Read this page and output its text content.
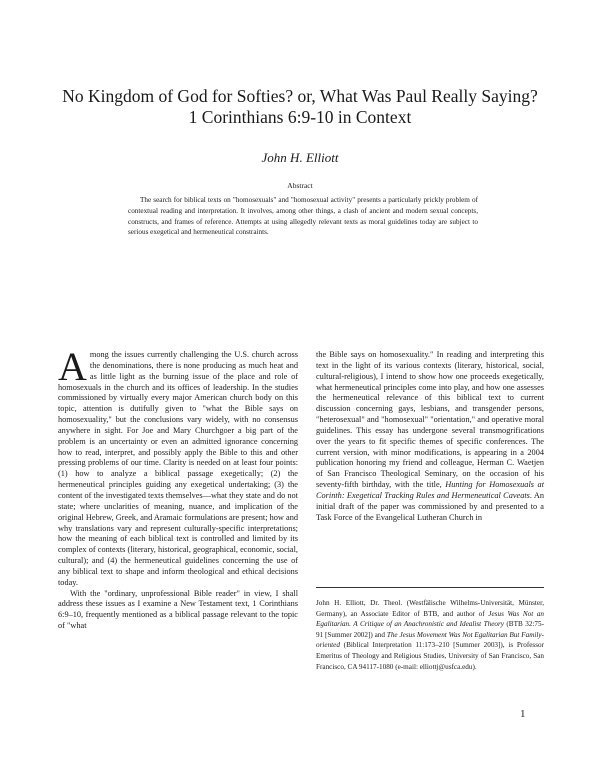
No Kingdom of God for Softies? or, What Was Paul Really Saying? 1 Corinthians 6:9-10 in Context
John H. Elliott
Abstract
The search for biblical texts on "homosexuals" and "homosexual activity" presents a particularly prickly problem of contextual reading and interpretation. It involves, among other things, a clash of ancient and modern sexual concepts, constructs, and frames of reference. Attempts at using allegedly relevant texts as moral guidelines today are subject to serious exegetical and hermeneutical constraints.

Among the issues currently challenging the U.S. church across the denominations, there is none producing as much heat and as little light as the burning issue of the place and role of homosexuals in the church and its offices of leadership. In the studies commissioned by virtually every major American church body on this topic, attention is dutifully given to "what the Bible says on homosexuality," but the conclusions vary widely, with no consensus anywhere in sight. For Joe and Mary Churchgoer a big part of the problem is an uncertainty or even an admitted ignorance concerning how to read, interpret, and possibly apply the Bible to this and other pressing problems of our time. Clarity is needed on at least four points: (1) how to analyze a biblical passage exegetically; (2) the hermeneutical principles guiding any exegetical undertaking; (3) the content of the investigated texts themselves—what they state and do not state; where unclarities of meaning, nuance, and implication of the original Hebrew, Greek, and Aramaic formulations are present; how and why translations vary and represent culturally-specific interpretations; how the meaning of each biblical text is controlled and limited by its complex of contexts (literary, historical, geographical, economic, social, cultural); and (4) the hermeneutical guidelines concerning the use of any biblical text to shape and inform theological and ethical decisions today.

With the "ordinary, unprofessional Bible reader" in view, I shall address these issues as I examine a New Testament text, 1 Corinthians 6:9–10, frequently mentioned as a biblical passage relevant to the topic of "what

the Bible says on homosexuality." In reading and interpreting this text in the light of its various contexts (literary, historical, social, cultural-religious), I intend to show how one proceeds exegetically, what hermeneutical principles come into play, and how one assesses the hermeneutical relevance of this biblical text to current discussion concerning gays, lesbians, and transgender persons, "heterosexual" and "homosexual" "orientation," and operative moral guidelines. This essay has undergone several transmogrifications over the years to fit specific themes of specific conferences. The current version, with minor modifications, is appearing in a 2004 publication honoring my friend and colleague, Herman C. Waetjen of San Francisco Theological Seminary, on the occasion of his seventy-fifth birthday, with the title, Hunting for Homosexuals at Corinth: Exegetical Tracking Rules and Hermeneutical Caveats. An initial draft of the paper was commissioned by and presented to a Task Force of the Evangelical Lutheran Church in

John H. Elliott, Dr. Theol. (Westfälische Wilhelms-Universität, Münster, Germany), an Associate Editor of BTB, and author of Jesus Was Not an Egalitarian. A Critique of an Anachronistic and Idealist Theory (BTB 32:75-91 [Summer 2002]) and The Jesus Movement Was Not Egalitarian But Family-oriented (Biblical Interpretation 11:173–210 [Summer 2003]), is Professor Emeritus of Theology and Religious Studies, University of San Francisco, San Francisco, CA 94117-1080 (e-mail: elliottj@usfca.edu).
1
